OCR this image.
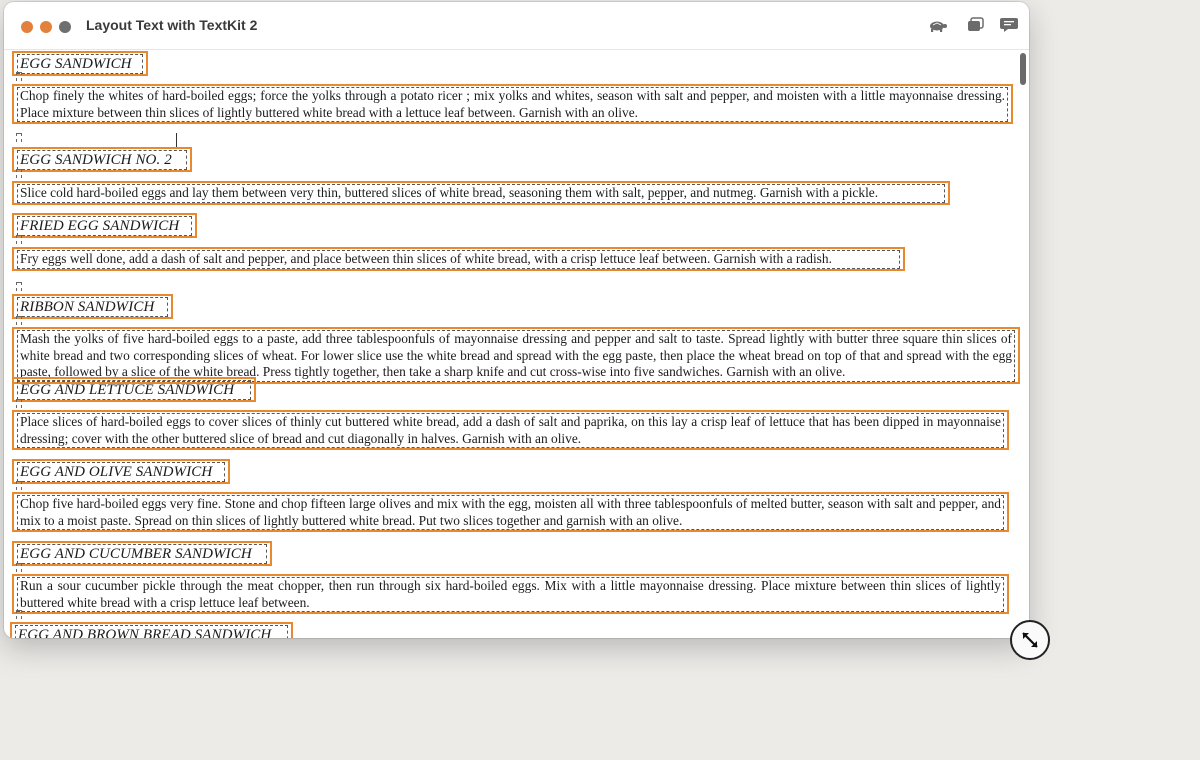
Layout Text with TextKit 2
EGG SANDWICH
Chop finely the whites of hard-boiled eggs; force the yolks through a potato ricer ; mix yolks and whites, season with salt and pepper, and moisten with a little mayonnaise dressing. Place mixture between thin slices of lightly buttered white bread with a lettuce leaf between. Garnish with an olive.
EGG SANDWICH NO. 2
Slice cold hard-boiled eggs and lay them between very thin, buttered slices of white bread, seasoning them with salt, pepper, and nutmeg. Garnish with a pickle.
FRIED EGG SANDWICH
Fry eggs well done, add a dash of salt and pepper, and place between thin slices of white bread, with a crisp lettuce leaf between. Garnish with a radish.
RIBBON SANDWICH
Mash the yolks of five hard-boiled eggs to a paste, add three tablespoonfuls of mayonnaise dressing and pepper and salt to taste. Spread lightly with butter three square thin slices of white bread and two corresponding slices of wheat. For lower slice use the white bread and spread with the egg paste, then place the wheat bread on top of that and spread with the egg paste, followed by a slice of the white bread. Press tightly together, then take a sharp knife and cut cross-wise into five sandwiches. Garnish with an olive.
EGG AND LETTUCE SANDWICH
Place slices of hard-boiled eggs to cover slices of thinly cut buttered white bread, add a dash of salt and paprika, on this lay a crisp leaf of lettuce that has been dipped in mayonnaise dressing; cover with the other buttered slice of bread and cut diagonally in halves. Garnish with an olive.
EGG AND OLIVE SANDWICH
Chop five hard-boiled eggs very fine. Stone and chop fifteen large olives and mix with the egg, moisten all with three tablespoonfuls of melted butter, season with salt and pepper, and mix to a moist paste. Spread on thin slices of lightly buttered white bread. Put two slices together and garnish with an olive.
EGG AND CUCUMBER SANDWICH
Run a sour cucumber pickle through the meat chopper, then run through six hard-boiled eggs. Mix with a little mayonnaise dressing. Place mixture between thin slices of lightly buttered white bread with a crisp lettuce leaf between.
EGG AND BROWN BREAD SANDWICH
